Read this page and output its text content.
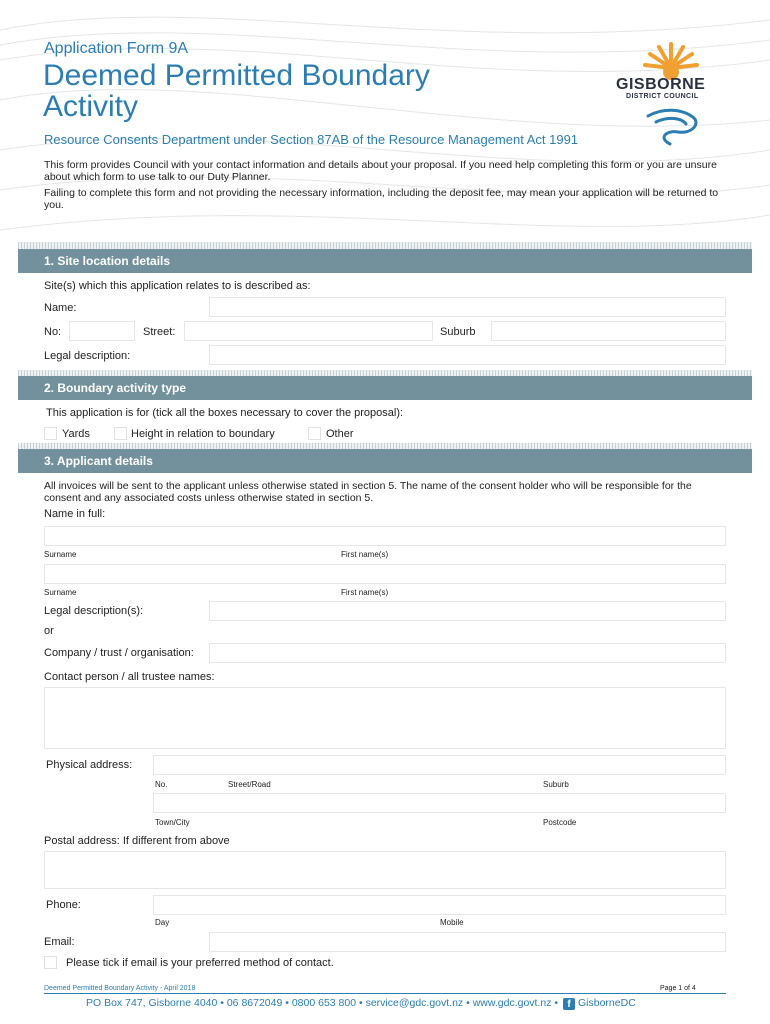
Application Form 9A
Deemed Permitted Boundary Activity
Resource Consents Department under Section 87AB of the Resource Management Act 1991
GISBORNE
DISTRICT COUNCIL
This form provides Council with your contact information and details about your proposal. If you need help completing this form or you are unsure about which form to use talk to our Duty Planner.
Failing to complete this form and not providing the necessary information, including the deposit fee, may mean your application will be returned to you.
1. Site location details
Site(s) which this application relates to is described as:
Name:
No:	Street:	Suburb
Legal description:
2. Boundary activity type
This application is for (tick all the boxes necessary to cover the proposal):
Yards	Height in relation to boundary	Other
3. Applicant details
All invoices will be sent to the applicant unless otherwise stated in section 5. The name of the consent holder who will be responsible for the consent and any associated costs unless otherwise stated in section 5.
Name in full:
Surname	First name(s)
Surname	First name(s)
Legal description(s):
or
Company / trust / organisation:
Contact person / all trustee names:
Physical address:
No.	Street/Road	Suburb
Town/City	Postcode
Postal address: If different from above
Phone:
Day	Mobile
Email:
Please tick if email is your preferred method of contact.
Deemed Permitted Boundary Activity - April 2018	Page 1 of 4
PO Box 747, Gisborne 4040 • 06 8672049 • 0800 653 800 • service@gdc.govt.nz • www.gdc.govt.nz • f GisborneDC
